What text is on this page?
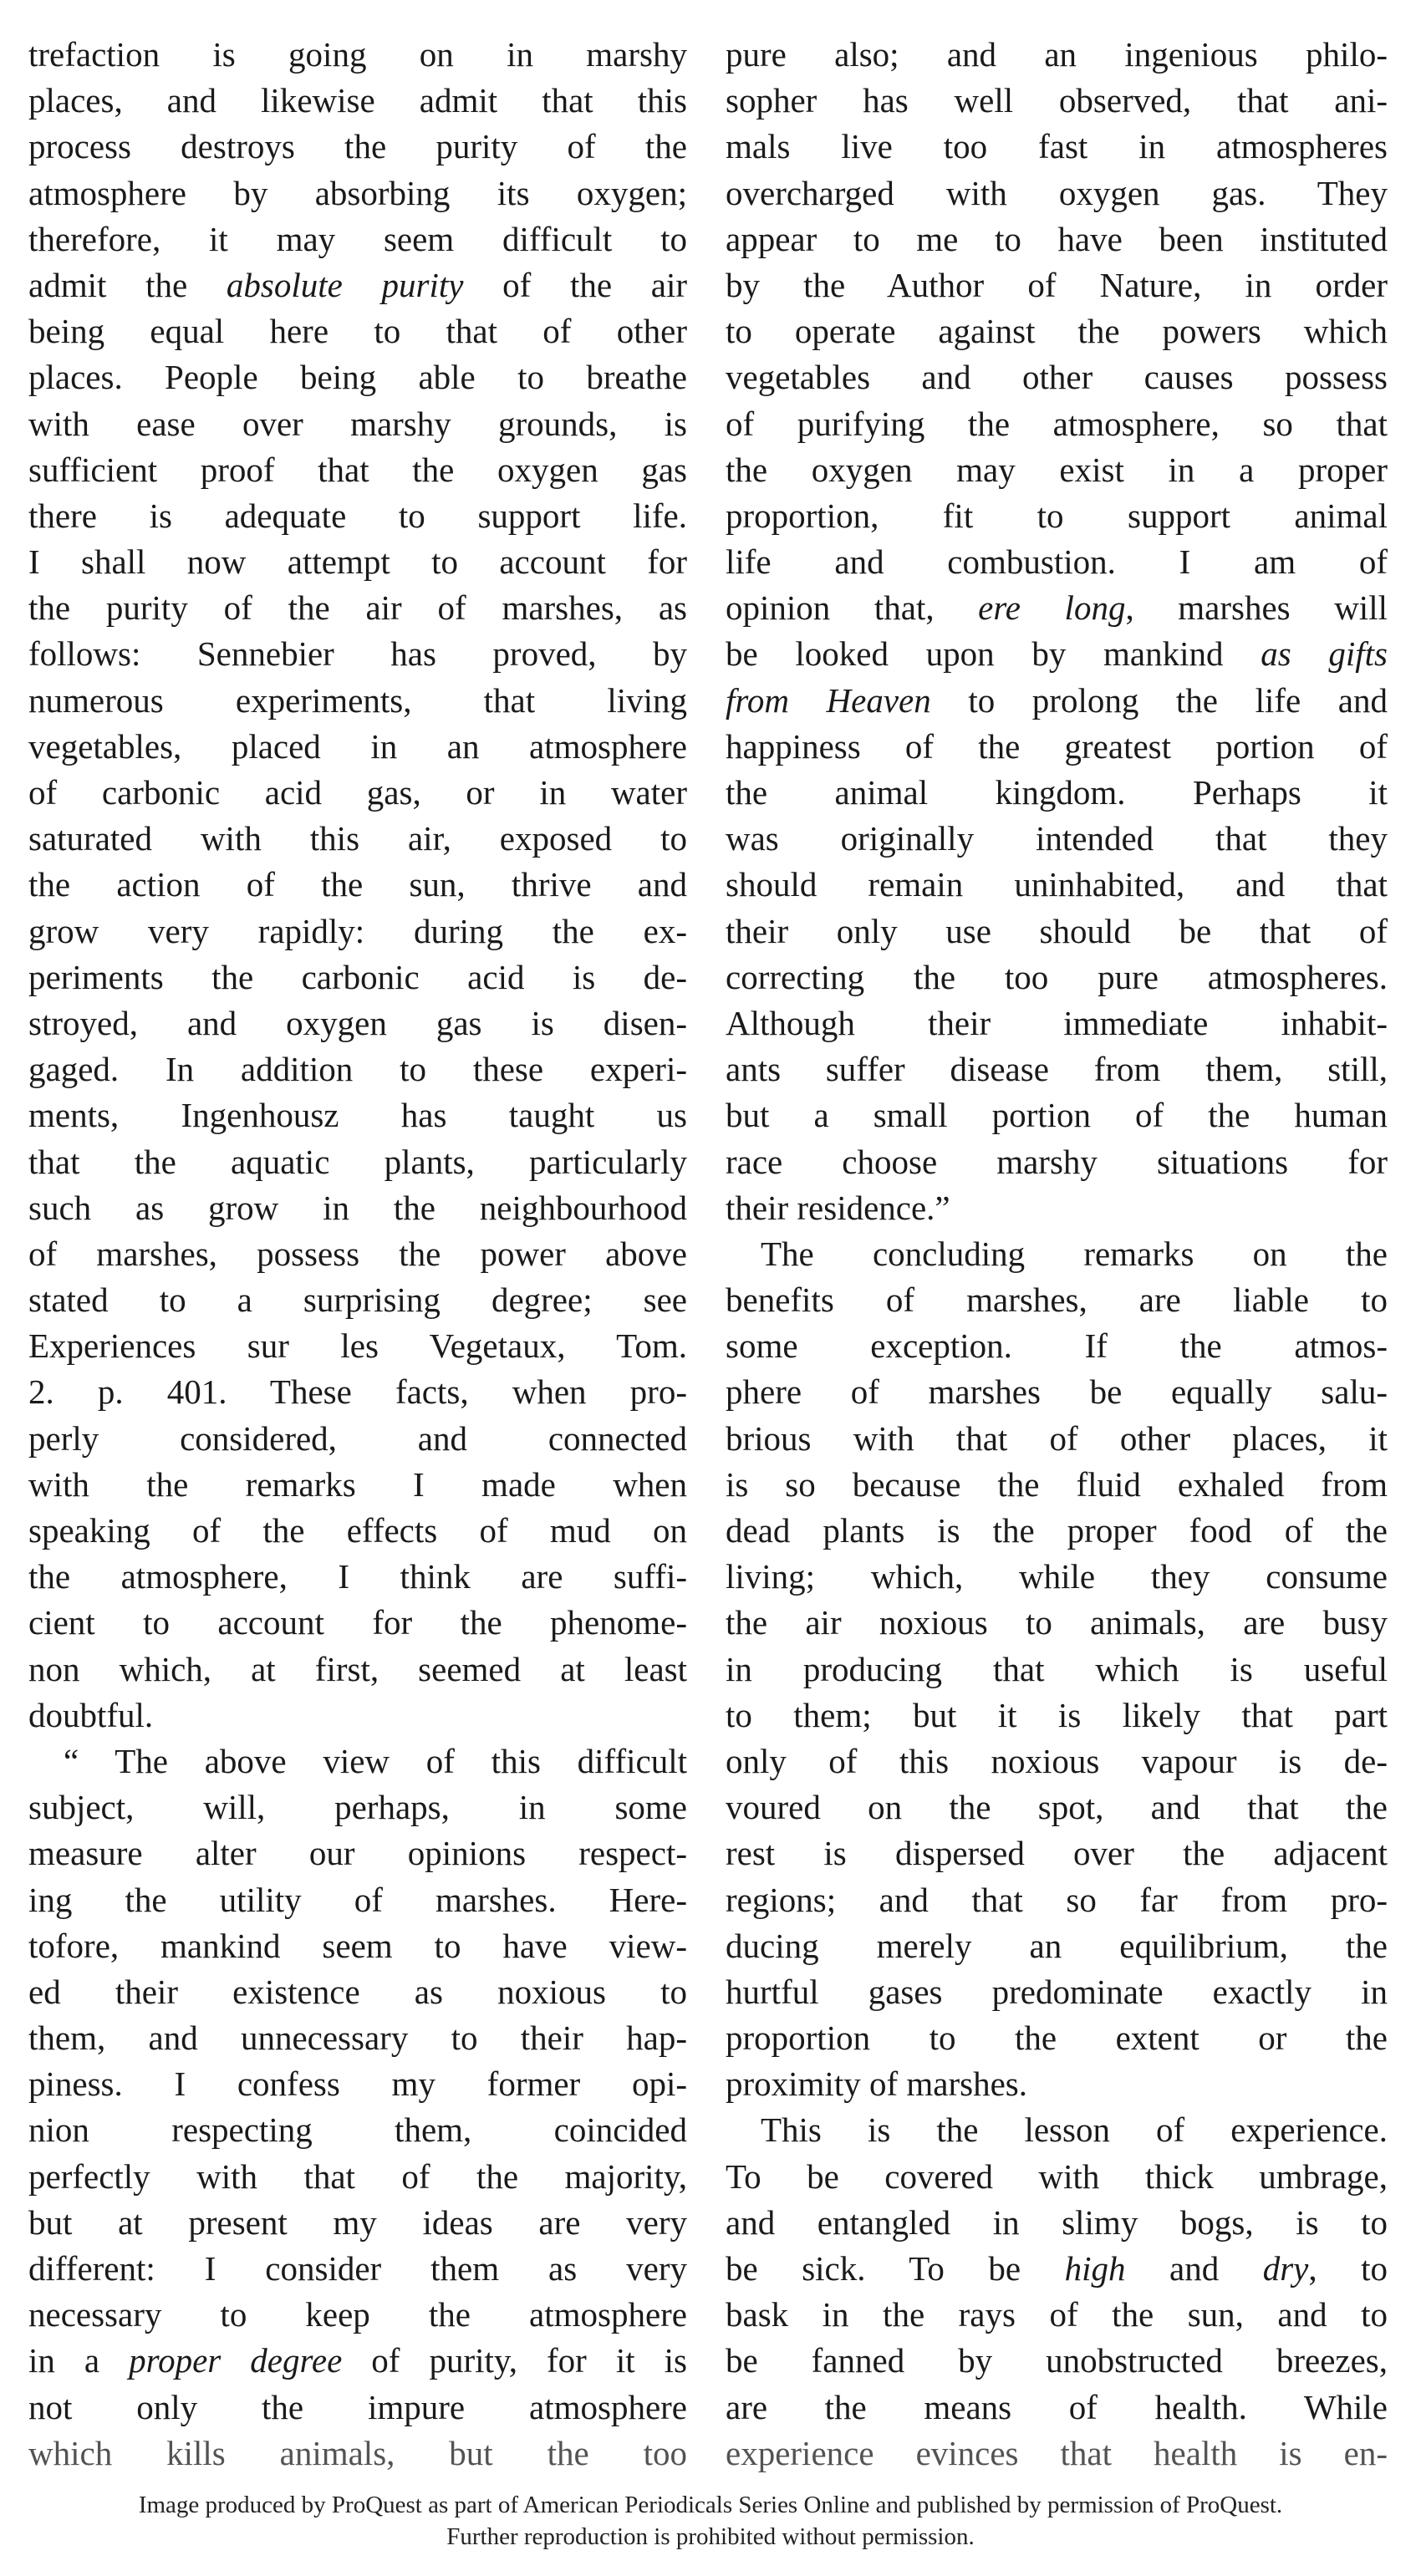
trefaction is going on in marshy
places, and likewise admit that this
process destroys the purity of the
atmosphere by absorbing its oxygen;
therefore, it may seem difficult to
admit the absolute purity of the air
being equal here to that of other
places. People being able to breathe
with ease over marshy grounds, is
sufficient proof that the oxygen gas
there is adequate to support life.
I shall now attempt to account for
the purity of the air of marshes, as
follows: Sennebier has proved, by
numerous experiments, that living
vegetables, placed in an atmosphere
of carbonic acid gas, or in water
saturated with this air, exposed to
the action of the sun, thrive and
grow very rapidly: during the ex-
periments the carbonic acid is de-
stroyed, and oxygen gas is disen-
gaged. In addition to these experi-
ments, Ingenhousz has taught us
that the aquatic plants, particularly
such as grow in the neighbourhood
of marshes, possess the power above
stated to a surprising degree; see
Experiences sur les Vegetaux, Tom.
2. p. 401. These facts, when pro-
perly considered, and connected
with the remarks I made when
speaking of the effects of mud on
the atmosphere, I think are suffi-
cient to account for the phenome-
non which, at first, seemed at least
doubtful.
“ The above view of this difficult
subject, will, perhaps, in some
measure alter our opinions respect-
ing the utility of marshes. Here-
tofore, mankind seem to have view-
ed their existence as noxious to
them, and unnecessary to their hap-
piness. I confess my former opi-
nion respecting them, coincided
perfectly with that of the majority,
but at present my ideas are very
different: I consider them as very
necessary to keep the atmosphere
in a proper degree of purity, for it is
not only the impure atmosphere
which kills animals, but the too
pure also; and an ingenious philo-
sopher has well observed, that ani-
mals live too fast in atmospheres
overcharged with oxygen gas. They
appear to me to have been instituted
by the Author of Nature, in order
to operate against the powers which
vegetables and other causes possess
of purifying the atmosphere, so that
the oxygen may exist in a proper
proportion, fit to support animal
life and combustion. I am of
opinion that, ere long, marshes will
be looked upon by mankind as gifts
from Heaven to prolong the life and
happiness of the greatest portion of
the animal kingdom. Perhaps it
was originally intended that they
should remain uninhabited, and that
their only use should be that of
correcting the too pure atmospheres.
Although their immediate inhabit-
ants suffer disease from them, still,
but a small portion of the human
race choose marshy situations for
their residence.”
The concluding remarks on the
benefits of marshes, are liable to
some exception. If the atmos-
phere of marshes be equally salu-
brious with that of other places, it
is so because the fluid exhaled from
dead plants is the proper food of the
living; which, while they consume
the air noxious to animals, are busy
in producing that which is useful
to them; but it is likely that part
only of this noxious vapour is de-
voured on the spot, and that the
rest is dispersed over the adjacent
regions; and that so far from pro-
ducing merely an equilibrium, the
hurtful gases predominate exactly in
proportion to the extent or the
proximity of marshes.
This is the lesson of experience.
To be covered with thick umbrage,
and entangled in slimy bogs, is to
be sick. To be high and dry, to
bask in the rays of the sun, and to
be fanned by unobstructed breezes,
are the means of health. While
experience evinces that health is en-
Image produced by ProQuest as part of American Periodicals Series Online and published by permission of ProQuest.
Further reproduction is prohibited without permission.
